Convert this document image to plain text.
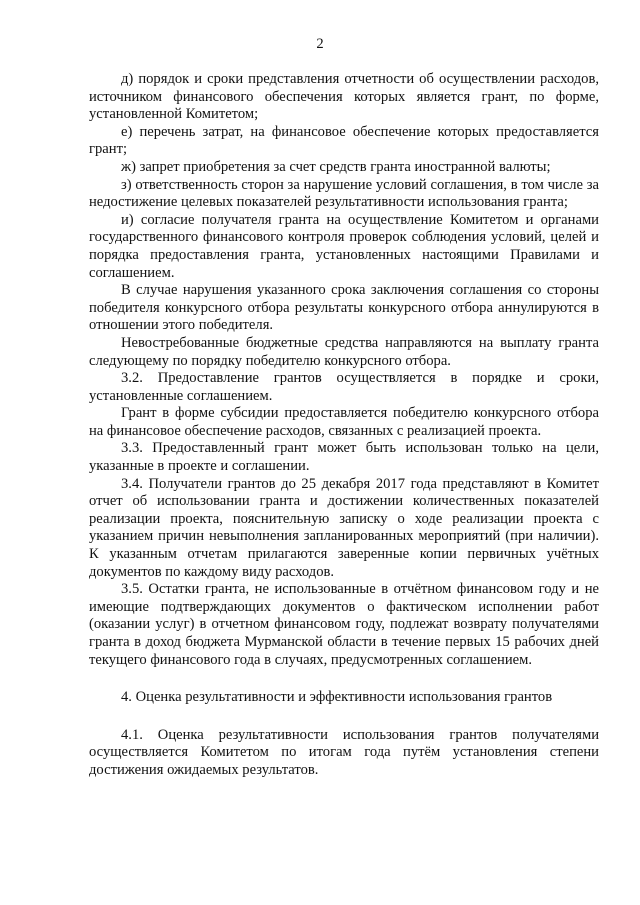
2

д) порядок и сроки представления отчетности об осуществлении расходов, источником финансового обеспечения которых является грант, по форме, установленной Комитетом;

е) перечень затрат, на финансовое обеспечение которых предоставляется грант;

ж) запрет приобретения за счет средств гранта иностранной валюты;

з) ответственность сторон за нарушение условий соглашения, в том числе за недостижение целевых показателей результативности использования гранта;

и) согласие получателя гранта на осуществление Комитетом и органами государственного финансового контроля проверок соблюдения условий, целей и порядка предоставления гранта, установленных настоящими Правилами и соглашением.

В случае нарушения указанного срока заключения соглашения со стороны победителя конкурсного отбора результаты конкурсного отбора аннулируются в отношении этого победителя.

Невостребованные бюджетные средства направляются на выплату гранта следующему по порядку победителю конкурсного отбора.

3.2. Предоставление грантов осуществляется в порядке и сроки, установленные соглашением.

Грант в форме субсидии предоставляется победителю конкурсного отбора на финансовое обеспечение расходов, связанных с реализацией проекта.

3.3. Предоставленный грант может быть использован только на цели, указанные в проекте и соглашении.

3.4. Получатели грантов до 25 декабря 2017 года представляют в Комитет отчет об использовании гранта и достижении количественных показателей реализации проекта, пояснительную записку о ходе реализации проекта с указанием причин невыполнения запланированных мероприятий (при наличии). К указанным отчетам прилагаются заверенные копии первичных учётных документов по каждому виду расходов.

3.5. Остатки гранта, не использованные в отчётном финансовом году и не имеющие подтверждающих документов о фактическом исполнении работ (оказании услуг) в отчетном финансовом году, подлежат возврату получателями гранта в доход бюджета Мурманской области в течение первых 15 рабочих дней текущего финансового года в случаях, предусмотренных соглашением.

4. Оценка результативности и эффективности использования грантов

4.1. Оценка результативности использования грантов получателями осуществляется Комитетом по итогам года путём установления степени достижения ожидаемых результатов.
